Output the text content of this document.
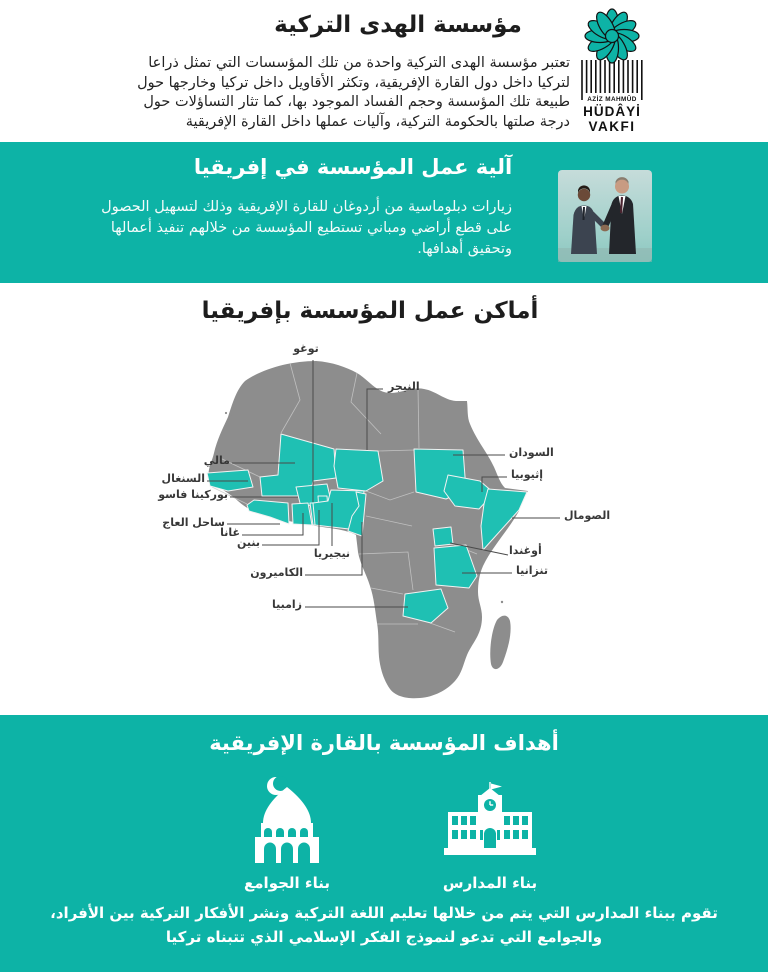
مؤسسة الهدى التركية
تعتبر مؤسسة الهدى التركية واحدة من تلك المؤسسات التي تمثل ذراعا
لتركيا داخل دول القارة الإفريقية، وتكثر الأقاويل داخل تركيا وخارجها حول
طبيعة تلك المؤسسة وحجم الفساد الموجود بها، كما تثار التساؤلات حول
درجة صلتها بالحكومة التركية، وآليات عملها داخل القارة الإفريقية
AZİZ MAHMÛD
HÜDÂYİ
VAKFI
آلية عمل المؤسسة في إفريقيا
زيارات دبلوماسية من أردوغان للقارة الإفريقية وذلك لتسهيل الحصول
على قطع أراضي ومباني تستطيع المؤسسة من خلالهم تنفيذ أعمالها
وتحقيق أهدافها.
أماكن عمل المؤسسة بإفريقيا
توغو
النيجر
مالي
السنغال
بوركينا فاسو
ساحل العاج
غانا
بنين
نيجيريا
الكاميرون
زامبيا
السودان
إثيوبيا
الصومال
أوغندا
تنزانيا
أهداف المؤسسة بالقارة الإفريقية
بناء الجوامع	بناء المدارس
تقوم ببناء المدارس التي يتم من خلالها تعليم اللغة التركية ونشر الأفكار التركية بين الأفراد،
والجوامع التي تدعو لنموذج الفكر الإسلامي الذي تتبناه تركيا
